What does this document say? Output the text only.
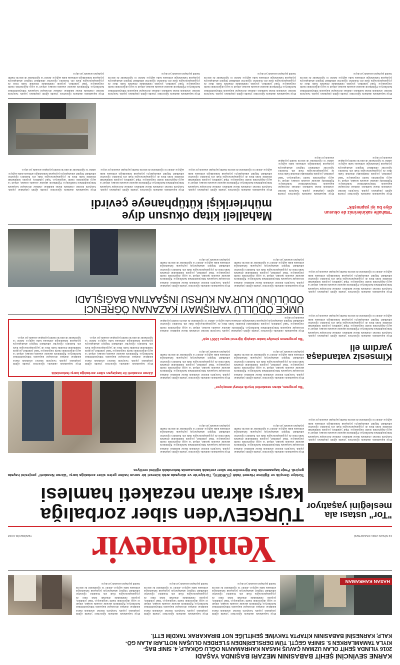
KARNE SEVİNCİNİ ŞEHİT BABASININ MEZARI BAŞINDA YAŞADI
2016 YILINDA ŞEHİT OLAN UZMAN ÇAVUŞ HASAN KAHRAMAN'IN OĞLU GÖKALP, 4. SINIF BAŞ-
KIYLA TAMAMLARKEN 5. SINIFA GEÇTİ. TÜM DERSLERİNDEN 5'LERDEN OLUŞAN NOTLARI ALAN GÖ-
KALP, KARNESİNİ BABASININ KİTAPTA TAKVİME ŞEHİTLİĞE NOT BIRAKARAK TAKDİM ETTİ.
HASAN KAHRAMAN
Proje kapsamında okullarda öğrencilere yönelik eğitim çalışmaları yapıldı. Gençlerin internet ortamında maruz kaldıkları olumsuz davranışlar karşısında bilinçlendirilmesi hedefleniyor. Eğitimlerde akranlar arasında nezaket, empati ve saygı değerlerinin önemi vurgulanıyor. Vakıf yetkilileri, projenin önümüzdeki dönemde farklı illere de yaygınlaştırılacağını ifade etti. Katılımcı öğrenciler edindikleri bilgileri arkadaşlarıyla paylaşarak farkındalığın artmasına katkı sağlıyor. Aileler ve öğretmenler de sürecin önemli paydaşları arasında yer alıyor.
Proje kapsamında okullarda öğrencilere yönelik eğitim çalışmaları yapıldı. Gençlerin internet ortamında maruz kaldıkları olumsuz davranışlar karşısında bilinçlendirilmesi hedefleniyor. Eğitimlerde akranlar arasında nezaket, empati ve saygı değerlerinin önemi vurgulanıyor. Vakıf yetkilileri, projenin önümüzdeki dönemde farklı illere de yaygınlaştırılacağını ifade etti. Katılımcı öğrenciler edindikleri bilgileri arkadaşlarıyla paylaşarak farkındalığın artmasına katkı sağlıyor. Aileler ve öğretmenler de sürecin önemli paydaşları arasında yer alıyor.
Proje kapsamında okullarda öğrencilere yönelik eğitim çalışmaları yapıldı. Gençlerin internet ortamında maruz kaldıkları olumsuz davranışlar karşısında bilinçlendirilmesi hedefleniyor. Eğitimlerde akranlar arasında nezaket, empati ve saygı değerlerinin önemi vurgulanıyor. Vakıf yetkilileri, projenin önümüzdeki dönemde farklı illere de yaygınlaştırılacağını ifade etti. Katılımcı öğrenciler edindikleri bilgileri arkadaşlarıyla paylaşarak farkındalığın artmasına katkı sağlıyor. Aileler ve öğretmenler de sürecin önemli paydaşları arasında yer alıyor.
Yenidenevir	19 NİSAN 2021 PAZARTESİ
YENİDEVİR.COM
TÜRGEV'den siber zorbalığa
karşı akran nezaketi hamlesi
Türkiye Gençlik ve Eğitime Hizmet Vakfı (TÜRGEV), Türkiye'de ve dünyada artık küresel bir sorun haline gelen siber zorbalığa karşı "Akran Nezaketi" projesini hayata geçirdi. Proje kapsamında lise öğrencilerine siber zorbalık konusunda farkındalık eğitimi veriliyor.
"Tor" ustası ala
mesleğini yaşatıyor
Proje kapsamında okullarda öğrencilere yönelik eğitim çalışmaları yapıldı. Gençlerin internet ortamında maruz kaldıkları olumsuz davranışlar karşısında bilinçlendirilmesi hedefleniyor. Eğitimlerde akranlar arasında nezaket, empati ve saygı değerlerinin önemi vurgulanıyor. Vakıf yetkilileri, projenin önümüzdeki dönemde farklı illere de yaygınlaştırılacağını ifade etti. Katılımcı öğrenciler edindikleri bilgileri arkadaşlarıyla paylaşarak farkındalığın artmasına katkı sağlıyor. Aileler ve öğretmenler de sürecin önemli paydaşları arasında yer alıyor.
Proje kapsamında okullarda öğrencilere yönelik eğitim çalışmaları yapıldı. Gençlerin internet ortamında maruz kaldıkları olumsuz davranışlar karşısında bilinçlendirilmesi hedefleniyor. Eğitimlerde akranlar arasında nezaket, empati ve saygı değerlerinin önemi vurgulanıyor. Vakıf yetkilileri, projenin önümüzdeki dönemde farklı illere de yaygınlaştırılacağını ifade etti. Katılımcı öğrenciler edindikleri bilgileri arkadaşlarıyla paylaşarak farkındalığın artmasına katkı sağlıyor. Aileler ve öğretmenler de sürecin önemli paydaşları arasında yer alıyor.
Proje kapsamında okullarda öğrencilere yönelik eğitim çalışmaları yapıldı. Gençlerin internet ortamında maruz kaldıkları olumsuz davranışlar karşısında bilinçlendirilmesi hedefleniyor. Eğitimlerde akranlar arasında nezaket, empati ve saygı değerlerinin önemi vurgulanıyor. Vakıf yetkilileri, projenin önümüzdeki dönemde farklı illere de yaygınlaştırılacağını ifade etti. Katılımcı öğrenciler edindikleri bilgileri arkadaşlarıyla paylaşarak farkındalığın artmasına katkı sağlıyor. Aileler ve öğretmenler de sürecin önemli paydaşları arasında yer alıyor.
"Bu program, akran nezaketini teşvik etmeyi amaçlıyor"
Proje kapsamında okullarda öğrencilere yönelik eğitim çalışmaları yapıldı. Gençlerin internet ortamında maruz kaldıkları olumsuz davranışlar karşısında bilinçlendirilmesi hedefleniyor. Eğitimlerde akranlar arasında nezaket, empati ve saygı değerlerinin önemi vurgulanıyor. Vakıf yetkilileri, projenin önümüzdeki dönemde farklı illere de yaygınlaştırılacağını ifade etti. Katılımcı öğrenciler edindikleri bilgileri arkadaşlarıyla paylaşarak farkındalığın artmasına katkı sağlıyor. Aileler ve öğretmenler de sürecin önemli paydaşları arasında yer alıyor.
Proje kapsamında okullarda öğrencilere yönelik eğitim çalışmaları yapıldı. Gençlerin internet ortamında maruz kaldıkları olumsuz davranışlar karşısında bilinçlendirilmesi hedefleniyor. Eğitimlerde akranlar arasında nezaket, empati ve saygı değerlerinin önemi vurgulanıyor. Vakıf yetkilileri, projenin önümüzdeki dönemde farklı illere de yaygınlaştırılacağını ifade etti. Katılımcı öğrenciler edindikleri bilgileri arkadaşlarıyla paylaşarak farkındalığın artmasına katkı sağlıyor. Aileler ve öğretmenler de sürecin önemli paydaşları arasında yer alıyor.
Akran nezaketi ile başlayan siber zorbalığa karşı farkındalık
Proje kapsamında okullarda öğrencilere yönelik eğitim çalışmaları yapıldı. Gençlerin internet ortamında maruz kaldıkları olumsuz davranışlar karşısında bilinçlendirilmesi hedefleniyor. Eğitimlerde akranlar arasında nezaket, empati ve saygı değerlerinin önemi vurgulanıyor. Vakıf yetkilileri, projenin önümüzdeki dönemde farklı illere de yaygınlaştırılacağını ifade etti. Katılımcı öğrenciler edindikleri bilgileri arkadaşlarıyla paylaşarak farkındalığın artmasına katkı sağlıyor. Aileler ve öğretmenler de sürecin önemli paydaşları arasında yer alıyor.
Proje kapsamında okullarda öğrencilere yönelik eğitim çalışmaları yapıldı. Gençlerin internet ortamında maruz kaldıkları olumsuz davranışlar karşısında bilinçlendirilmesi hedefleniyor. Eğitimlerde akranlar arasında nezaket, empati ve saygı değerlerinin önemi vurgulanıyor. Vakıf yetkilileri, projenin önümüzdeki dönemde farklı illere de yaygınlaştırılacağını ifade etti. Katılımcı öğrenciler edindikleri bilgileri arkadaşlarıyla paylaşarak farkındalığın artmasına katkı sağlıyor. Aileler ve öğretmenler de sürecin önemli paydaşları arasında yer alıyor.	"Bu programın şimdiye kadar ulaştığı öğrenci sayısı 1000'i aştı"
Proje kapsamında okullarda öğrencilere yönelik eğitim çalışmaları yapıldı. Gençlerin internet ortamında maruz kaldıkları olumsuz davranışlar karşısında bilinçlendirilmesi hedefleniyor. Eğitimlerde akranlar arasında nezaket, empati ve saygı değerlerinin önemi vurgulanıyor. Vakıf yetkilileri, projenin önümüzdeki dönemde farklı illere de yaygınlaştırılacağını ifade etti. Katılımcı öğrenciler edindikleri bilgileri arkadaşlarıyla paylaşarak farkındalığın artmasına katkı sağlıyor. Aileler ve öğretmenler de sürecin önemli paydaşları arasında yer alıyor.
Kimsesiz vatandaşa
yardım eli
Proje kapsamında okullarda öğrencilere yönelik eğitim çalışmaları yapıldı. Gençlerin internet ortamında maruz kaldıkları olumsuz davranışlar karşısında bilinçlendirilmesi hedefleniyor. Eğitimlerde akranlar arasında nezaket, empati ve saygı değerlerinin önemi vurgulanıyor. Vakıf yetkilileri, projenin önümüzdeki dönemde farklı illere de yaygınlaştırılacağını ifade etti. Katılımcı öğrenciler edindikleri bilgileri arkadaşlarıyla paylaşarak farkındalığın artmasına katkı sağlıyor. Aileler ve öğretmenler de sürecin önemli paydaşları arasında yer alıyor.
UMKE ÖDÜLLÜ YARIŞMAYI KAZANAN ÖĞRENCİ
ÖDÜLÜNÜ KUR'AN KURSU İNŞAATINA BAĞIŞLADI
Proje kapsamında okullarda öğrencilere yönelik eğitim çalışmaları yapıldı. Gençlerin internet ortamında maruz kaldıkları olumsuz davranışlar karşısında bilinçlendirilmesi hedefleniyor. Eğitimlerde akranlar arasında nezaket, empati ve saygı değerlerinin önemi vurgulanıyor. Vakıf yetkilileri, projenin önümüzdeki dönemde farklı illere de yaygınlaştırılacağını ifade etti. Katılımcı öğrenciler edindikleri bilgileri arkadaşlarıyla paylaşarak farkındalığın artmasına katkı sağlıyor. Aileler ve öğretmenler de sürecin önemli paydaşları arasında yer alıyor.
Proje kapsamında okullarda öğrencilere yönelik eğitim çalışmaları yapıldı. Gençlerin internet ortamında maruz kaldıkları olumsuz davranışlar karşısında bilinçlendirilmesi hedefleniyor. Eğitimlerde akranlar arasında nezaket, empati ve saygı değerlerinin önemi vurgulanıyor. Vakıf yetkilileri, projenin önümüzdeki dönemde farklı illere de yaygınlaştırılacağını ifade etti. Katılımcı öğrenciler edindikleri bilgileri arkadaşlarıyla paylaşarak farkındalığın artmasına katkı sağlıyor. Aileler ve öğretmenler de sürecin önemli paydaşları arasında yer alıyor.
Proje kapsamında okullarda öğrencilere yönelik eğitim çalışmaları yapıldı. Gençlerin internet ortamında maruz kaldıkları olumsuz davranışlar karşısında bilinçlendirilmesi hedefleniyor. Eğitimlerde akranlar arasında nezaket, empati ve saygı değerlerinin önemi vurgulanıyor. Vakıf yetkilileri, projenin önümüzdeki dönemde farklı illere de yaygınlaştırılacağını ifade etti. Katılımcı öğrenciler edindikleri bilgileri arkadaşlarıyla paylaşarak farkındalığın artmasına katkı sağlıyor. Aileler ve öğretmenler de sürecin önemli paydaşları arasında yer alıyor.
Mahalleli kitap okusun diye
mührlerikişi kütüphaneye çevirdi
Proje kapsamında okullarda öğrencilere yönelik eğitim çalışmaları yapıldı. Gençlerin internet ortamında maruz kaldıkları olumsuz davranışlar karşısında bilinçlendirilmesi hedefleniyor. Eğitimlerde akranlar arasında nezaket, empati ve saygı değerlerinin önemi vurgulanıyor. Vakıf yetkilileri, projenin önümüzdeki dönemde farklı illere de yaygınlaştırılacağını ifade etti. Katılımcı öğrenciler edindikleri bilgileri arkadaşlarıyla paylaşarak farkındalığın artmasına katkı sağlıyor. Aileler ve öğretmenler de sürecin önemli paydaşları arasında yer alıyor.
Proje kapsamında okullarda öğrencilere yönelik eğitim çalışmaları yapıldı. Gençlerin internet ortamında maruz kaldıkları olumsuz davranışlar karşısında bilinçlendirilmesi hedefleniyor. Eğitimlerde akranlar arasında nezaket, empati ve saygı değerlerinin önemi vurgulanıyor. Vakıf yetkilileri, projenin önümüzdeki dönemde farklı illere de yaygınlaştırılacağını ifade etti. Katılımcı öğrenciler edindikleri bilgileri arkadaşlarıyla paylaşarak farkındalığın artmasına katkı sağlıyor. Aileler ve öğretmenler de sürecin önemli paydaşları arasında yer alıyor.
Proje kapsamında okullarda öğrencilere yönelik eğitim çalışmaları yapıldı. Gençlerin internet ortamında maruz kaldıkları olumsuz davranışlar karşısında bilinçlendirilmesi hedefleniyor. Eğitimlerde akranlar arasında nezaket, empati ve saygı değerlerinin önemi vurgulanıyor. Vakıf yetkilileri, projenin önümüzdeki dönemde farklı illere de yaygınlaştırılacağını ifade etti. Katılımcı öğrenciler edindikleri bilgileri arkadaşlarıyla paylaşarak farkındalığın artmasına katkı sağlıyor. Aileler ve öğretmenler de sürecin önemli paydaşları arasında yer alıyor.
"Mahalle sakinlerimiz de okusun
diye bu işi yapmıştık"
Proje kapsamında okullarda öğrencilere yönelik eğitim çalışmaları yapıldı. Gençlerin internet ortamında maruz kaldıkları olumsuz davranışlar karşısında bilinçlendirilmesi hedefleniyor. Eğitimlerde akranlar arasında nezaket, empati ve saygı değerlerinin önemi vurgulanıyor. Vakıf yetkilileri, projenin önümüzdeki dönemde farklı illere de yaygınlaştırılacağını ifade etti. Katılımcı öğrenciler edindikleri bilgileri arkadaşlarıyla paylaşarak farkındalığın artmasına katkı sağlıyor. Aileler ve öğretmenler de sürecin önemli paydaşları arasında yer alıyor.
Proje kapsamında okullarda öğrencilere yönelik eğitim çalışmaları yapıldı. Gençlerin internet ortamında maruz kaldıkları olumsuz davranışlar karşısında bilinçlendirilmesi hedefleniyor. Eğitimlerde akranlar arasında nezaket, empati ve saygı değerlerinin önemi vurgulanıyor. Vakıf yetkilileri, projenin önümüzdeki dönemde farklı illere de yaygınlaştırılacağını ifade etti. Katılımcı öğrenciler edindikleri bilgileri arkadaşlarıyla paylaşarak farkındalığın artmasına katkı sağlıyor. Aileler ve öğretmenler de sürecin önemli paydaşları arasında yer alıyor.
Proje kapsamında okullarda öğrencilere yönelik eğitim çalışmaları yapıldı. Gençlerin internet ortamında maruz kaldıkları olumsuz davranışlar karşısında bilinçlendirilmesi hedefleniyor. Eğitimlerde akranlar arasında nezaket, empati ve saygı değerlerinin önemi vurgulanıyor. Vakıf yetkilileri, projenin önümüzdeki dönemde farklı illere de yaygınlaştırılacağını ifade etti. Katılımcı öğrenciler edindikleri bilgileri arkadaşlarıyla paylaşarak farkındalığın artmasına katkı sağlıyor. Aileler ve öğretmenler de sürecin önemli paydaşları arasında yer alıyor.
Proje kapsamında okullarda öğrencilere yönelik eğitim çalışmaları yapıldı. Gençlerin internet ortamında maruz kaldıkları olumsuz davranışlar karşısında bilinçlendirilmesi hedefleniyor. Eğitimlerde akranlar arasında nezaket, empati ve saygı değerlerinin önemi vurgulanıyor. Vakıf yetkilileri, projenin önümüzdeki dönemde farklı illere de yaygınlaştırılacağını ifade etti. Katılımcı öğrenciler edindikleri bilgileri arkadaşlarıyla paylaşarak farkındalığın artmasına katkı sağlıyor. Aileler ve öğretmenler de sürecin önemli paydaşları arasında yer alıyor.
Proje kapsamında okullarda öğrencilere yönelik eğitim çalışmaları yapıldı. Gençlerin internet ortamında maruz kaldıkları olumsuz davranışlar karşısında bilinçlendirilmesi hedefleniyor. Eğitimlerde akranlar arasında nezaket, empati ve saygı değerlerinin önemi vurgulanıyor. Vakıf yetkilileri, projenin önümüzdeki dönemde farklı illere de yaygınlaştırılacağını ifade etti. Katılımcı öğrenciler edindikleri bilgileri arkadaşlarıyla paylaşarak farkındalığın artmasına katkı sağlıyor. Aileler ve öğretmenler de sürecin önemli paydaşları arasında yer alıyor.
Proje kapsamında okullarda öğrencilere yönelik eğitim çalışmaları yapıldı. Gençlerin internet ortamında maruz kaldıkları olumsuz davranışlar karşısında bilinçlendirilmesi hedefleniyor. Eğitimlerde akranlar arasında nezaket, empati ve saygı değerlerinin önemi vurgulanıyor. Vakıf yetkilileri, projenin önümüzdeki dönemde farklı illere de yaygınlaştırılacağını ifade etti. Katılımcı öğrenciler edindikleri bilgileri arkadaşlarıyla paylaşarak farkındalığın artmasına katkı sağlıyor. Aileler ve öğretmenler de sürecin önemli paydaşları arasında yer alıyor.
